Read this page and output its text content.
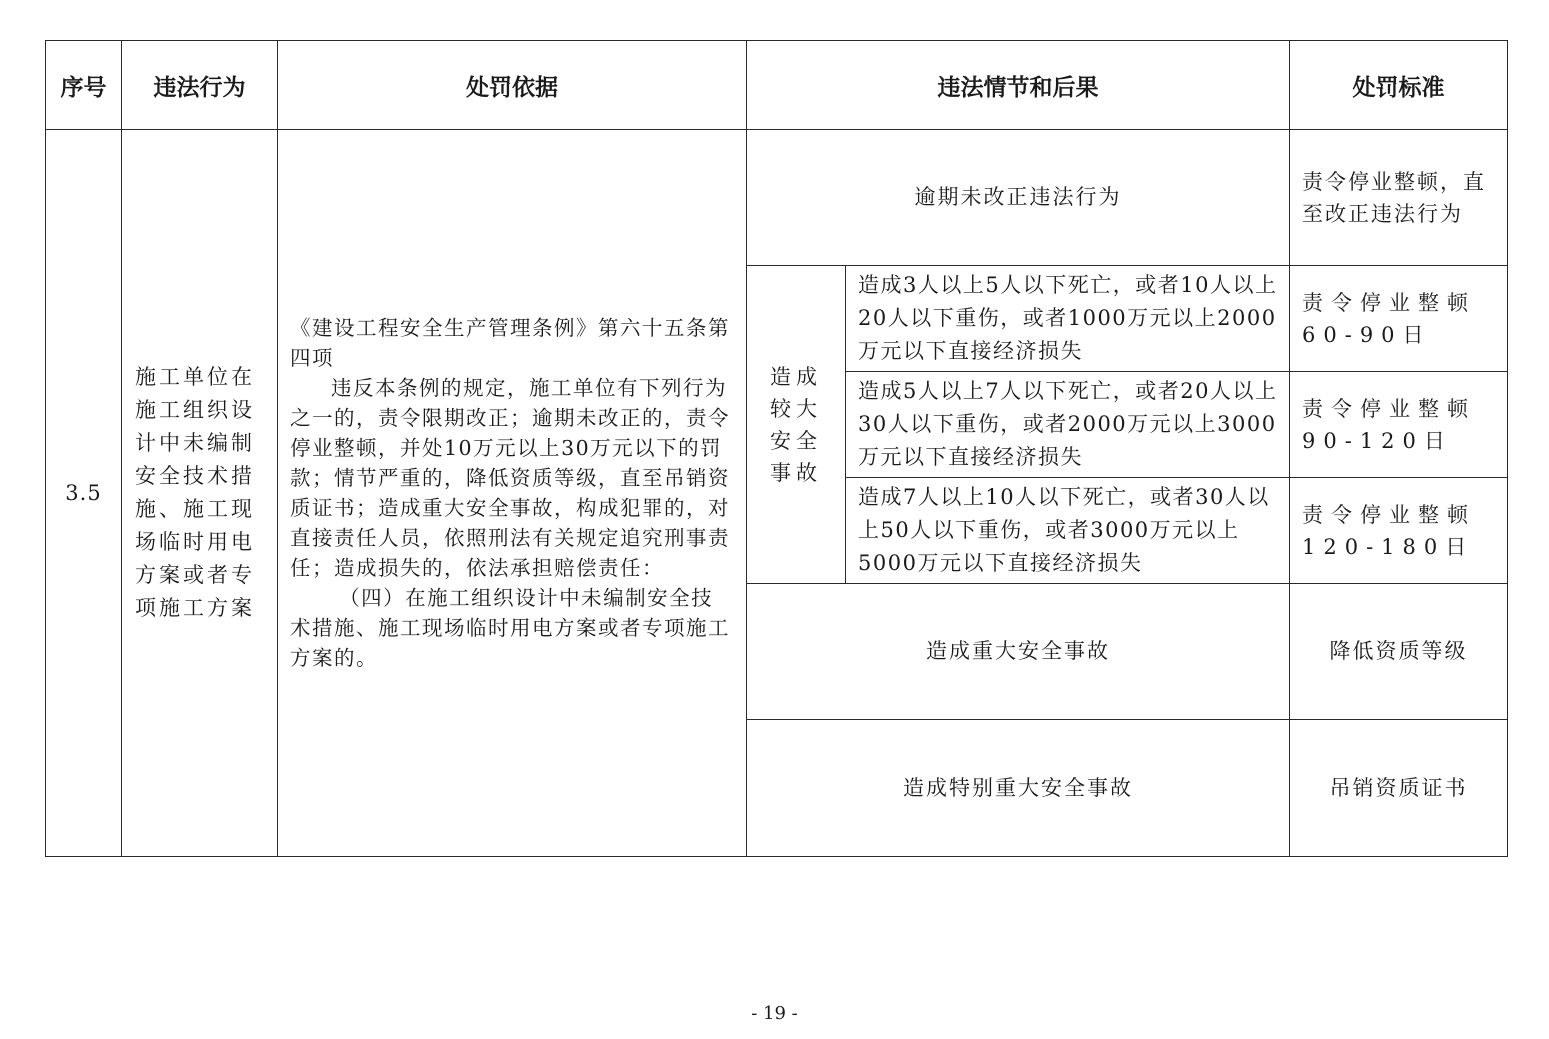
序号	违法行为	处罚依据	违法情节和后果		处罚标准
3.5	施工单位在施工组织设计中未编制安全技术措施、施工现场临时用电方案或者专项施工方案	《建设工程安全生产管理条例》第六十五条第四项

违反本条例的规定，施工单位有下列行为之一的，责令限期改正；逾期未改正的，责令停业整顿，并处10万元以上30万元以下的罚款；情节严重的，降低资质等级，直至吊销资质证书；造成重大安全事故，构成犯罪的，对直接责任人员，依照刑法有关规定追究刑事责任；造成损失的，依法承担赔偿责任：

（四）在施工组织设计中未编制安全技术措施、施工现场临时用电方案或者专项施工方案的。	逾期未改正违法行为		责令停业整顿，直至改正违法行为

			造成较大安全事故	造成3人以上5人以下死亡，或者10人以上20人以下重伤，或者1000万元以上2000万元以下直接经济损失	责令停业整顿60-90日
				造成5人以上7人以下死亡，或者20人以上30人以下重伤，或者2000万元以上3000万元以下直接经济损失	责令停业整顿90-120日
				造成7人以上10人以下死亡，或者30人以上50人以下重伤，或者3000万元以上5000万元以下直接经济损失	责令停业整顿120-180日
			造成重大安全事故		降低资质等级
			造成特别重大安全事故		吊销资质证书
- 19 -
